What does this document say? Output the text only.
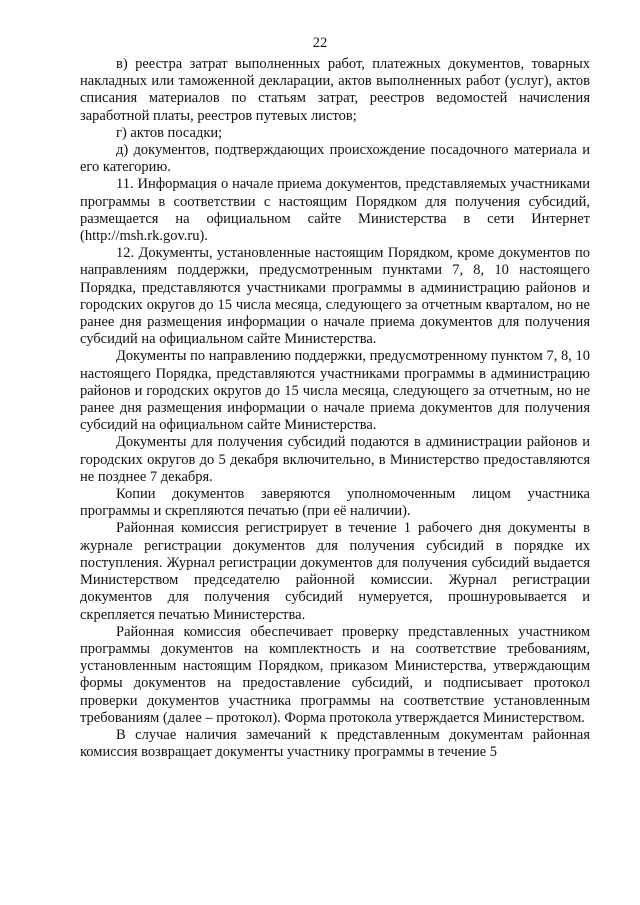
22

в) реестра затрат выполненных работ, платежных документов, товарных накладных или таможенной декларации, актов выполненных работ (услуг), актов списания материалов по статьям затрат, реестров ведомостей начисления заработной платы, реестров путевых листов;

г) актов посадки;

д) документов, подтверждающих происхождение посадочного материала и его категорию.

11. Информация о начале приема документов, представляемых участниками программы в соответствии с настоящим Порядком для получения субсидий, размещается на официальном сайте Министерства в сети Интернет (http://msh.rk.gov.ru).

12. Документы, установленные настоящим Порядком, кроме документов по направлениям поддержки, предусмотренным пунктами 7, 8, 10 настоящего Порядка, представляются участниками программы в администрацию районов и городских округов до 15 числа месяца, следующего за отчетным кварталом, но не ранее дня размещения информации о начале приема документов для получения субсидий на официальном сайте Министерства.

Документы по направлению поддержки, предусмотренному пунктом 7, 8, 10 настоящего Порядка, представляются участниками программы в администрацию районов и городских округов до 15 числа месяца, следующего за отчетным, но не ранее дня размещения информации о начале приема документов для получения субсидий на официальном сайте Министерства.

Документы для получения субсидий подаются в администрации районов и городских округов до 5 декабря включительно, в Министерство предоставляются не позднее 7 декабря.

Копии документов заверяются уполномоченным лицом участника программы и скрепляются печатью (при её наличии).

Районная комиссия регистрирует в течение 1 рабочего дня документы в журнале регистрации документов для получения субсидий в порядке их поступления. Журнал регистрации документов для получения субсидий выдается Министерством председателю районной комиссии. Журнал регистрации документов для получения субсидий нумеруется, прошнуровывается и скрепляется печатью Министерства.

Районная комиссия обеспечивает проверку представленных участником программы документов на комплектность и на соответствие требованиям, установленным настоящим Порядком, приказом Министерства, утверждающим формы документов на предоставление субсидий, и подписывает протокол проверки документов участника программы на соответствие установленным требованиям (далее – протокол). Форма протокола утверждается Министерством.

В случае наличия замечаний к представленным документам районная комиссия возвращает документы участнику программы в течение 5
